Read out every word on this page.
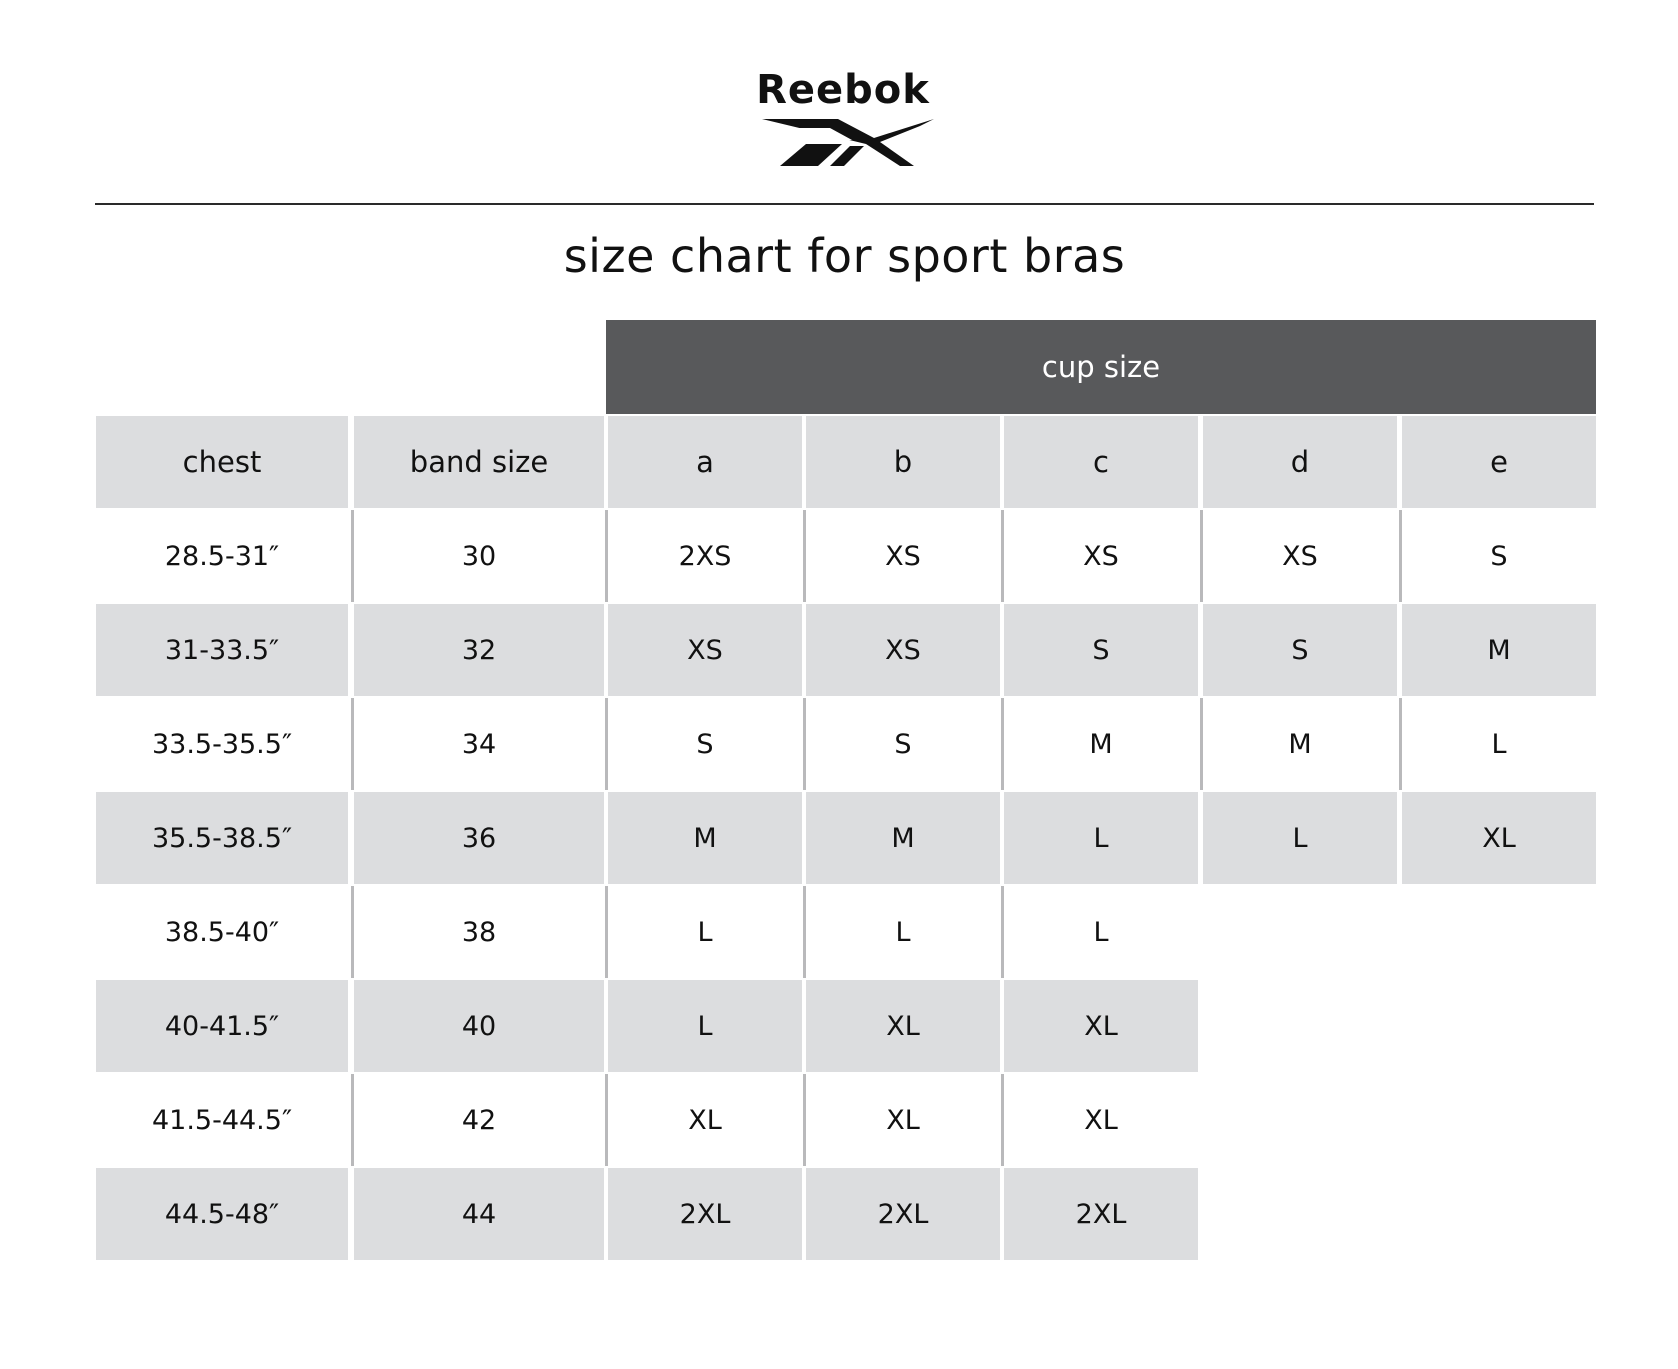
Reebok
size chart for sport bras
cup size
chest	band size	a	b	c	d	e
28.5-31″	30	2XS	XS	XS	XS	S
31-33.5″	32	XS	XS	S	S	M
33.5-35.5″	34	S	S	M	M	L
35.5-38.5″	36	M	M	L	L	XL
38.5-40″	38	L	L	L
40-41.5″	40	L	XL	XL
41.5-44.5″	42	XL	XL	XL
44.5-48″	44	2XL	2XL	2XL
